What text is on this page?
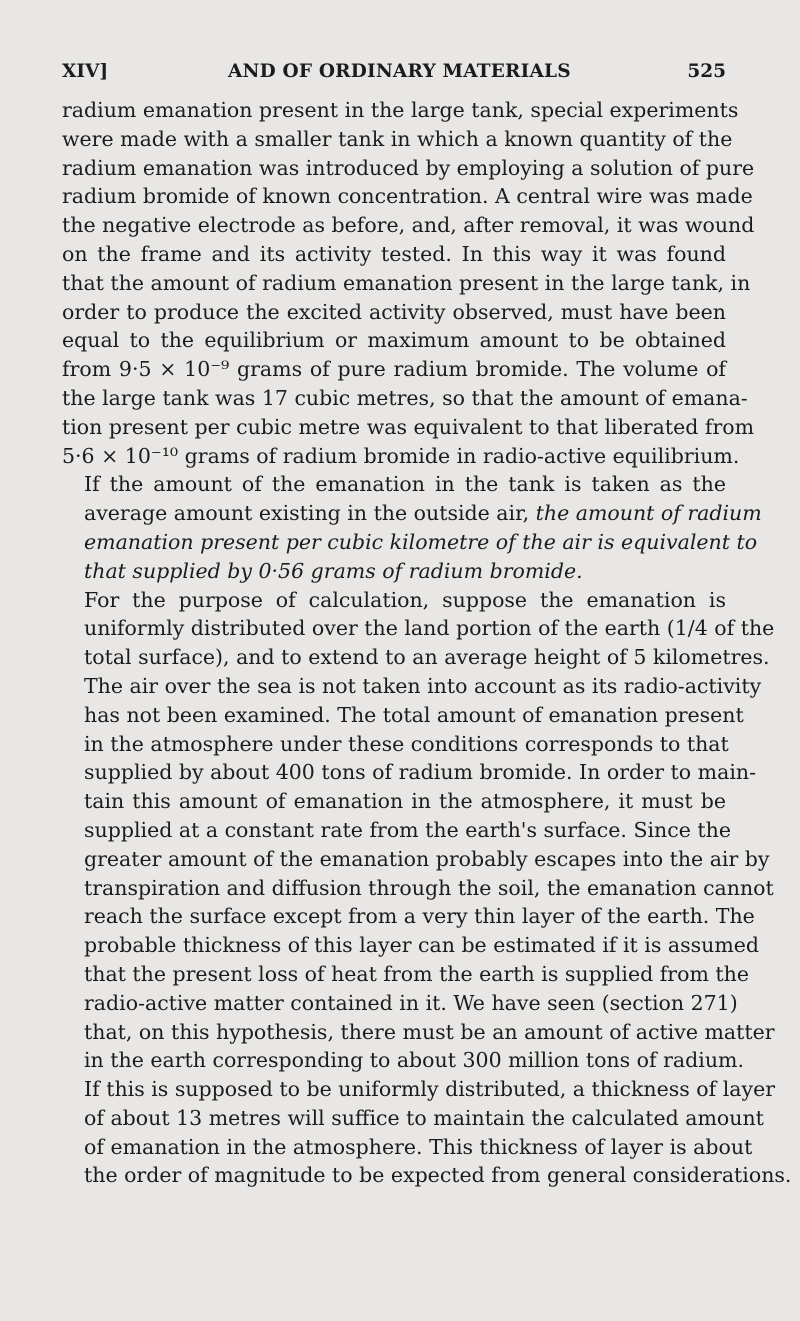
XIV]	AND OF ORDINARY MATERIALS	525

radium emanation present in the large tank, special experiments
were made with a smaller tank in which a known quantity of the
radium emanation was introduced by employing a solution of pure
radium bromide of known concentration. A central wire was made
the negative electrode as before, and, after removal, it was wound
on the frame and its activity tested. In this way it was found
that the amount of radium emanation present in the large tank, in
order to produce the excited activity observed, must have been
equal to the equilibrium or maximum amount to be obtained
from 9·5 × 10⁻⁹ grams of pure radium bromide. The volume of
the large tank was 17 cubic metres, so that the amount of emana-
tion present per cubic metre was equivalent to that liberated from
5·6 × 10⁻¹⁰ grams of radium bromide in radio-active equilibrium.

If the amount of the emanation in the tank is taken as the
average amount existing in the outside air, the amount of radium
emanation present per cubic kilometre of the air is equivalent to
that supplied by 0·56 grams of radium bromide.

For the purpose of calculation, suppose the emanation is
uniformly distributed over the land portion of the earth (1/4 of the
total surface), and to extend to an average height of 5 kilometres.
The air over the sea is not taken into account as its radio-activity
has not been examined. The total amount of emanation present
in the atmosphere under these conditions corresponds to that
supplied by about 400 tons of radium bromide. In order to main-
tain this amount of emanation in the atmosphere, it must be
supplied at a constant rate from the earth's surface. Since the
greater amount of the emanation probably escapes into the air by
transpiration and diffusion through the soil, the emanation cannot
reach the surface except from a very thin layer of the earth. The
probable thickness of this layer can be estimated if it is assumed
that the present loss of heat from the earth is supplied from the
radio-active matter contained in it. We have seen (section 271)
that, on this hypothesis, there must be an amount of active matter
in the earth corresponding to about 300 million tons of radium.
If this is supposed to be uniformly distributed, a thickness of layer
of about 13 metres will suffice to maintain the calculated amount
of emanation in the atmosphere. This thickness of layer is about
the order of magnitude to be expected from general considerations.
